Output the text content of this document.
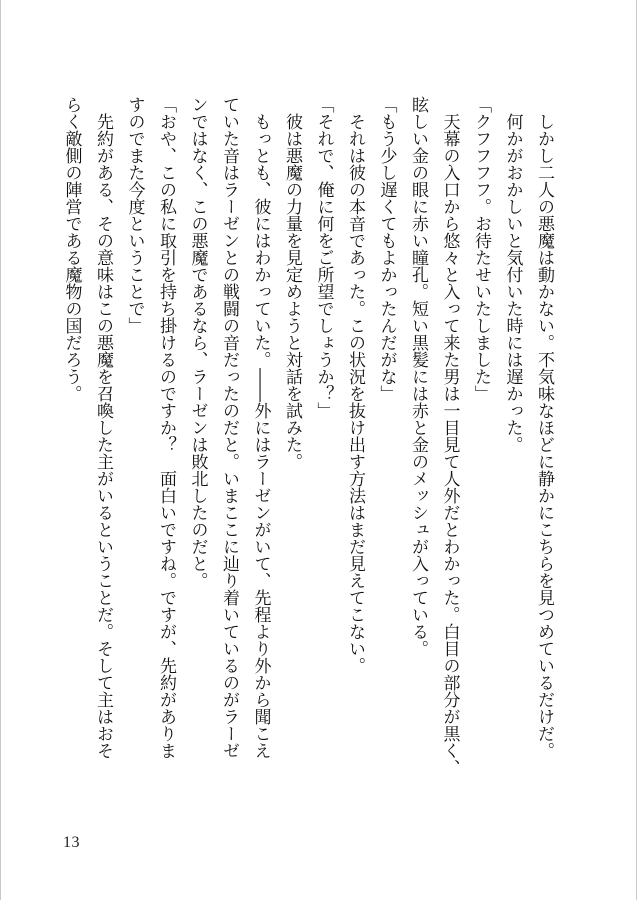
しかし二人の悪魔は動かない。不気味なほどに静かにこちらを見つめているだけだ。

何かがおかしいと気付いた時には遅かった。

「クフフフフ。お待たせいたしました」

天幕の入口から悠々と入って来た男は一目見て人外だとわかった。白目の部分が黒く、

眩しい金の眼に赤い瞳孔。短い黒髪には赤と金のメッシュが入っている。

「もう少し遅くてもよかったんだがな」

それは彼の本音であった。この状況を抜け出す方法はまだ見えてこない。

「それで、俺に何をご所望でしょうか？」

彼は悪魔の力量を見定めようと対話を試みた。

もっとも、彼にはわかっていた。――外にはラーゼンがいて、先程より外から聞こえ

ていた音はラーゼンとの戦闘の音だったのだと。いまここに辿り着いているのがラーゼ

ンではなく、この悪魔であるなら、ラーゼンは敗北したのだと。

「おや、この私に取引を持ち掛けるのですか？　面白いですね。ですが、先約がありま

すのでまた今度ということで」

先約がある、その意味はこの悪魔を召喚した主がいるということだ。そして主はおそ

らく敵側の陣営である魔物の国だろう。

13
